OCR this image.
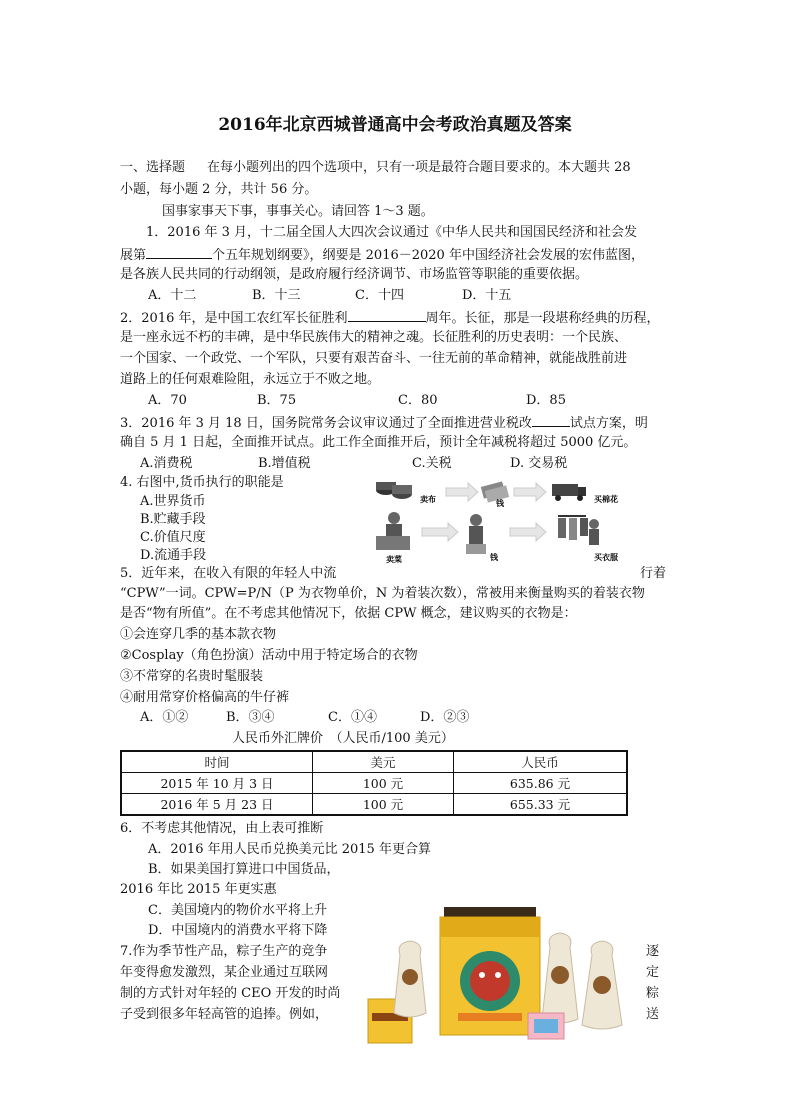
2016年北京西城普通高中会考政治真题及答案
一、选择题 在每小题列出的四个选项中，只有一项是最符合题目要求的。本大题共 28
小题，每小题 2 分，共计 56 分。
国事家事天下事，事事关心。请回答 1～3 题。
1．2016 年 3 月，十二届全国人大四次会议通过《中华人民共和国国民经济和社会发
展第	个五年规划纲要》，纲要是 2016－2020 年中国经济社会发展的宏伟蓝图，
是各族人民共同的行动纲领，是政府履行经济调节、市场监管等职能的重要依据。
A．十二	B．十三	C．十四	D．十五
2．2016 年，是中国工农红军长征胜利	周年。长征，那是一段堪称经典的历程，
是一座永远不朽的丰碑，是中华民族伟大的精神之魂。长征胜利的历史表明：一个民族、
一个国家、一个政党、一个军队，只要有艰苦奋斗、一往无前的革命精神，就能战胜前进
道路上的任何艰难险阻，永远立于不败之地。
A．70	B．75	C．80	D．85
3．2016 年 3 月 18 日，国务院常务会议审议通过了全面推进营业税改	试点方案，明
确自 5 月 1 日起，全面推开试点。此工作全面推开后，预计全年减税将超过 5000 亿元。
A.消费税	B.增值税	C.关税	D. 交易税
4. 右图中,货币执行的职能是
A.世界货币
B.贮藏手段
C.价值尺度
D.流通手段
卖布	钱	买棉花
卖菜	钱	买衣服
5．近年来，在收入有限的年轻人中流	行着
“CPW”一词。CPW=P/N（P 为衣物单价，N 为着装次数），常被用来衡量购买的着装衣物
是否“物有所值”。在不考虑其他情况下，依据 CPW 概念，建议购买的衣物是：
①会连穿几季的基本款衣物
②Cosplay（角色扮演）活动中用于特定场合的衣物
③不常穿的名贵时髦服装
④耐用常穿价格偏高的牛仔裤
A．①②	B．③④	C．①④	D．②③
人民币外汇牌价　（人民币/100 美元）
时间	美元	人民币
2015 年 10 月 3 日	100 元	635.86 元
2016 年 5 月 23 日	100 元	655.33 元
6．不考虑其他情况，由上表可推断
A．2016 年用人民币兑换美元比 2015 年更合算
B．如果美国打算进口中国货品，
2016 年比 2015 年更实惠
C．美国境内的物价水平将上升
D．中国境内的消费水平将下降
7.作为季节性产品，粽子生产的竞争	逐
年变得愈发激烈，某企业通过互联网	定
制的方式针对年轻的 CEO 开发的时尚	粽
子受到很多年轻高管的追捧。例如，	送
